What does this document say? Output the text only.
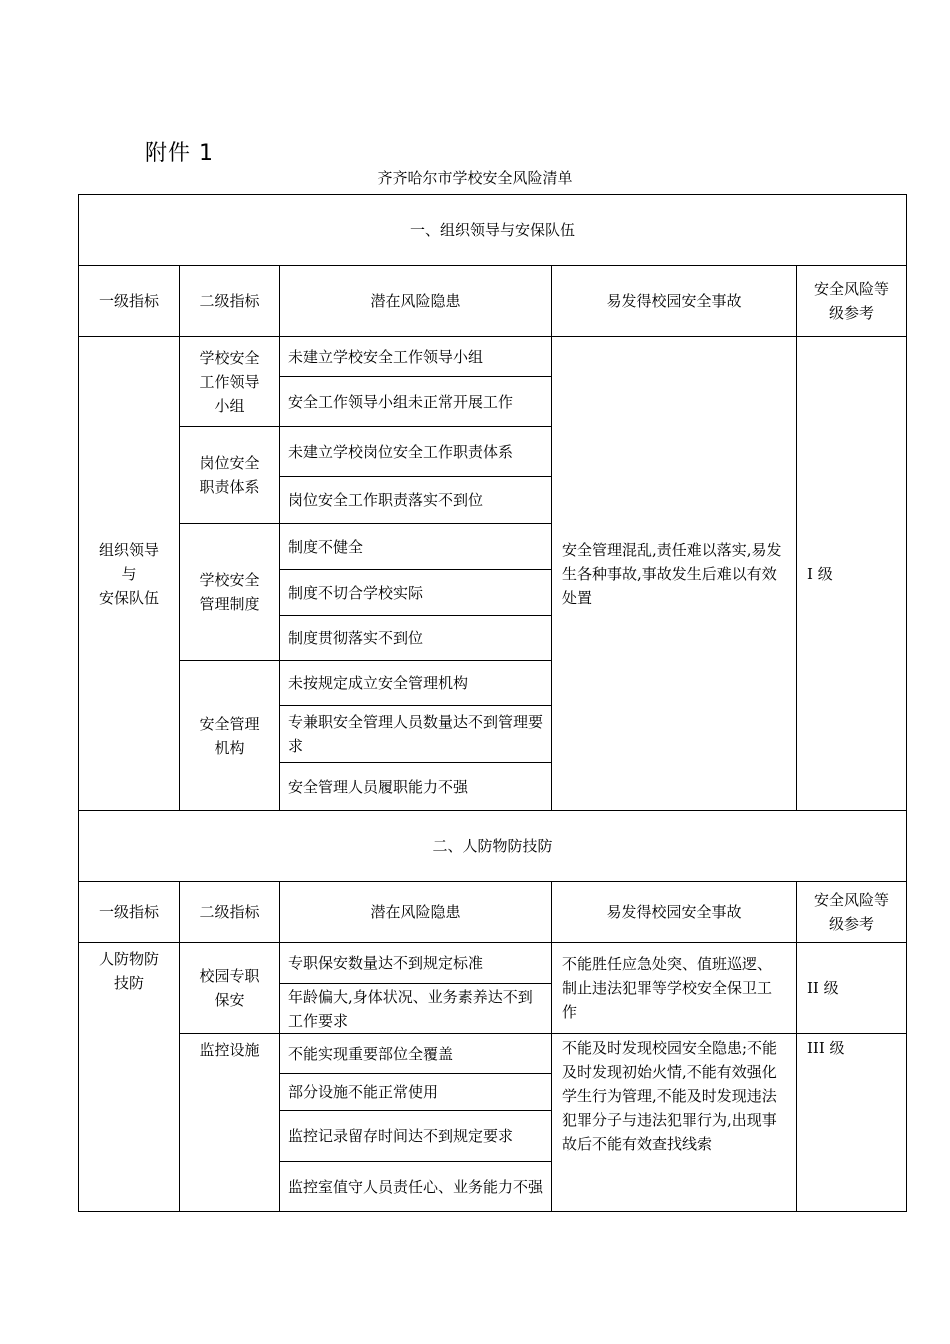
附件 1
齐齐哈尔市学校安全风险清单
一、组织领导与安保队伍				
一级指标	二级指标	潜在风险隐患	易发得校园安全事故	安全风险等
级参考

组织领导
与
安保队伍	学校安全
工作领导
小组	未建立学校安全工作领导小组	安全管理混乱,责任难以落实,易发生各种事故,事故发生后难以有效处置	I 级
		安全工作领导小组未正常开展工作		

	岗位安全
职责体系	未建立学校岗位安全工作职责体系		
		岗位安全工作职责落实不到位		

	学校安全
管理制度	制度不健全		
		制度不切合学校实际		
		制度贯彻落实不到位		

	安全管理
机构	未按规定成立安全管理机构		
		专兼职安全管理人员数量达不到管理要求		
		安全管理人员履职能力不强		
二、人防物防技防				
一级指标	二级指标	潜在风险隐患	易发得校园安全事故	安全风险等
级参考

人防物防
技防	校园专职
保安	专职保安数量达不到规定标准	不能胜任应急处突、值班巡逻、制止违法犯罪等学校安全保卫工作	II 级
		年龄偏大,身体状况、业务素养达不到工作要求		
	监控设施	不能实现重要部位全覆盖	不能及时发现校园安全隐患;不能及时发现初始火情,不能有效强化学生行为管理,不能及时发现违法犯罪分子与违法犯罪行为,出现事故后不能有效查找线索	III 级
		部分设施不能正常使用		
		监控记录留存时间达不到规定要求		
		监控室值守人员责任心、业务能力不强		
